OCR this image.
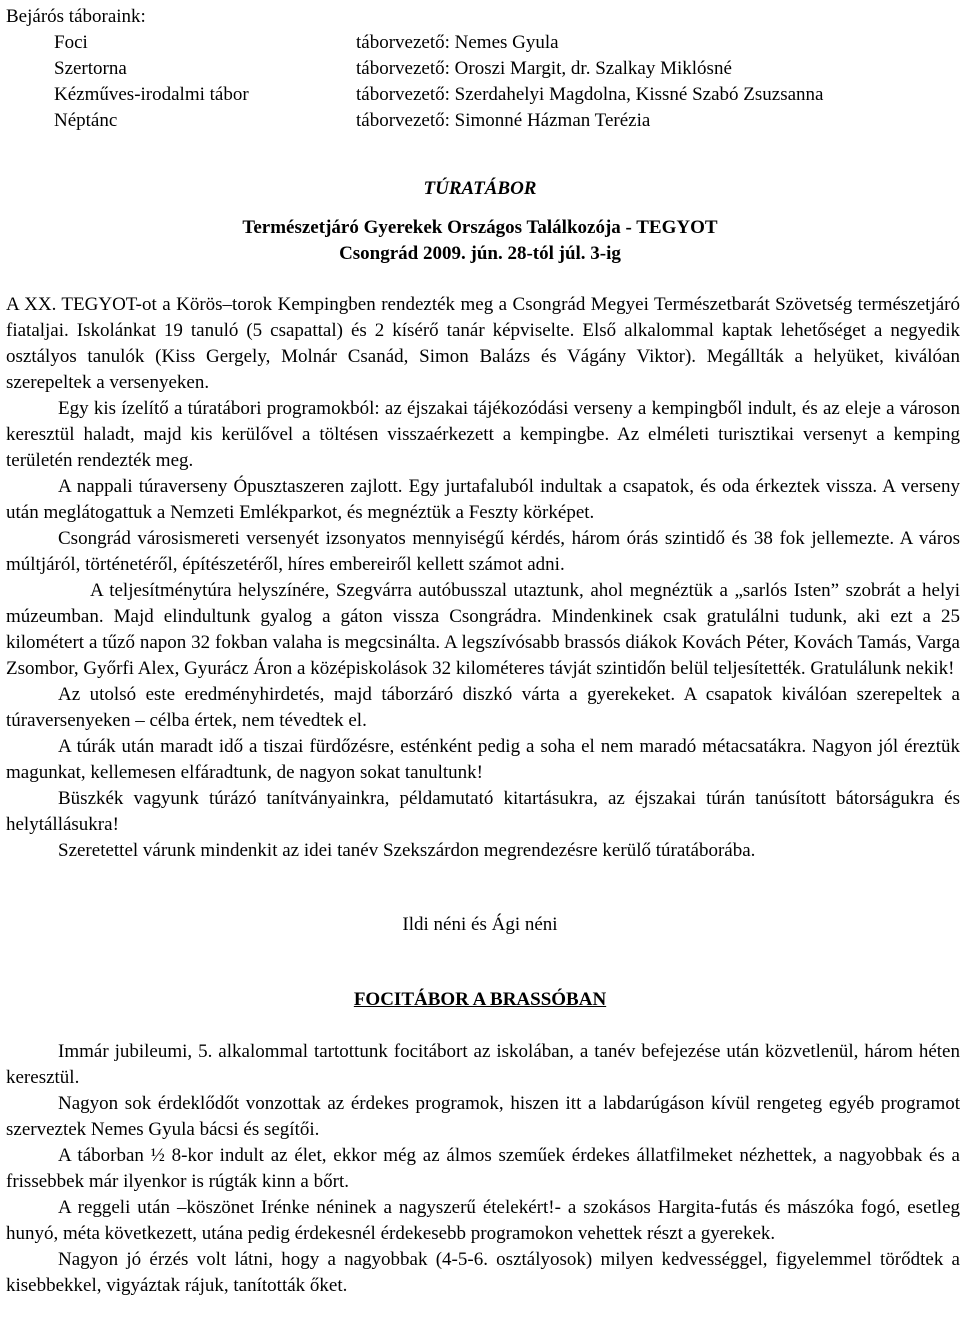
Bejárós táboraink:
Foci	táborvezető: Nemes Gyula
Szertorna	táborvezető: Oroszi Margit, dr. Szalkay Miklósné
Kézműves-irodalmi tábor	táborvezető: Szerdahelyi Magdolna, Kissné Szabó Zsuzsanna
Néptánc	táborvezető: Simonné Házman Terézia
TÚRATÁBOR
Természetjáró Gyerekek Országos Találkozója - TEGYOT
Csongrád 2009. jún. 28-tól júl. 3-ig

A XX. TEGYOT-ot a Körös–torok Kempingben rendezték meg a Csongrád Megyei Természetbarát Szövetség természetjáró fiataljai. Iskolánkat 19 tanuló (5 csapattal) és 2 kísérő tanár képviselte. Első alkalommal kaptak lehetőséget a negyedik osztályos tanulók (Kiss Gergely, Molnár Csanád, Simon Balázs és Vágány Viktor). Megállták a helyüket, kiválóan szerepeltek a versenyeken.

Egy kis ízelítő a túratábori programokból: az éjszakai tájékozódási verseny a kempingből indult, és az eleje a városon keresztül haladt, majd kis kerülővel a töltésen visszaérkezett a kempingbe. Az elméleti turisztikai versenyt a kemping területén rendezték meg.

A nappali túraverseny Ópusztaszeren zajlott. Egy jurtafaluból indultak a csapatok, és oda érkeztek vissza. A verseny után meglátogattuk a Nemzeti Emlékparkot, és megnéztük a Feszty körképet.

Csongrád városismereti versenyét izsonyatos mennyiségű kérdés, három órás szintidő és 38 fok jellemezte. A város múltjáról, történetéről, építészetéről, híres embereiről kellett számot adni.

A teljesítménytúra helyszínére, Szegvárra autóbusszal utaztunk, ahol megnéztük a „sarlós Isten” szobrát a helyi múzeumban. Majd elindultunk gyalog a gáton vissza Csongrádra. Mindenkinek csak gratulálni tudunk, aki ezt a 25 kilométert a tűző napon 32 fokban valaha is megcsinálta. A legszívósabb brassós diákok Kovách Péter, Kovách Tamás, Varga Zsombor, Győrfi Alex, Gyurácz Áron a középiskolások 32 kilométeres távját szintidőn belül teljesítették. Gratulálunk nekik!

Az utolsó este eredményhirdetés, majd táborzáró diszkó várta a gyerekeket. A csapatok kiválóan szerepeltek a túraversenyeken – célba értek, nem tévedtek el.

A túrák után maradt idő a tiszai fürdőzésre, esténként pedig a soha el nem maradó métacsatákra. Nagyon jól éreztük magunkat, kellemesen elfáradtunk, de nagyon sokat tanultunk!

Büszkék vagyunk túrázó tanítványainkra, példamutató kitartásukra, az éjszakai túrán tanúsított bátorságukra és helytállásukra!

Szeretettel várunk mindenkit az idei tanév Szekszárdon megrendezésre kerülő túratáborába.

Ildi néni és Ági néni
FOCITÁBOR A BRASSÓBAN

Immár jubileumi, 5. alkalommal tartottunk focitábort az iskolában, a tanév befejezése után közvetlenül, három héten keresztül.

Nagyon sok érdeklődőt vonzottak az érdekes programok, hiszen itt a labdarúgáson kívül rengeteg egyéb programot szerveztek Nemes Gyula bácsi és segítői.

A táborban ½ 8-kor indult az élet, ekkor még az álmos szeműek érdekes állatfilmeket nézhettek, a nagyobbak és a frissebbek már ilyenkor is rúgták kinn a bőrt.

A reggeli után –köszönet Irénke néninek a nagyszerű ételekért!- a szokásos Hargita-futás és mászóka fogó, esetleg hunyó, méta következett, utána pedig érdekesnél érdekesebb programokon vehettek részt a gyerekek.

Nagyon jó érzés volt látni, hogy a nagyobbak (4-5-6. osztályosok) milyen kedvességgel, figyelemmel törődtek a kisebbekkel, vigyáztak rájuk, tanították őket.
